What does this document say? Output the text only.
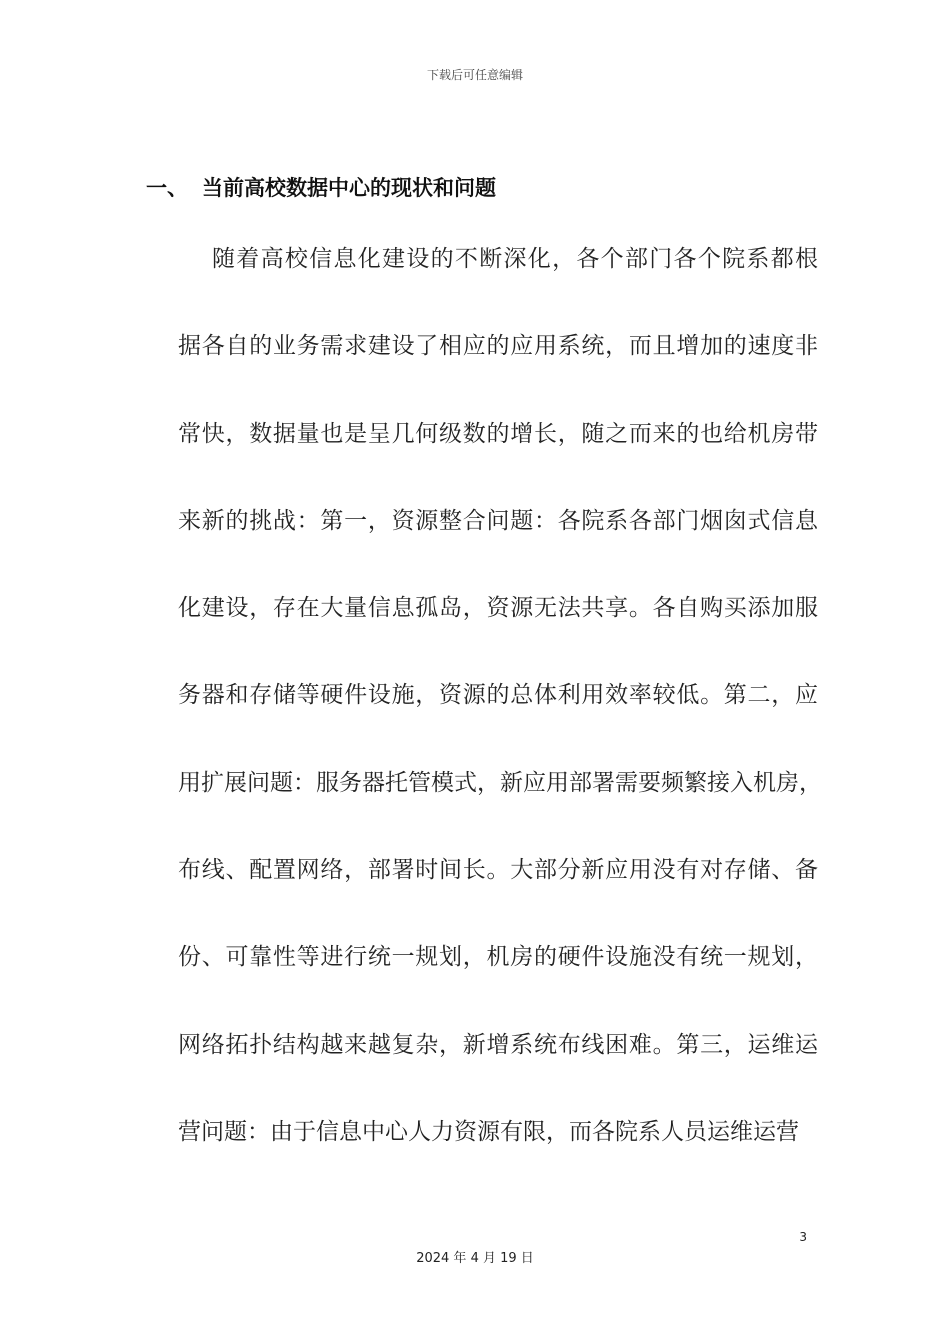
下载后可任意编辑
一、 当前高校数据中心的现状和问题
随着高校信息化建设的不断深化，各个部门各个院系都根
据各自的业务需求建设了相应的应用系统，而且增加的速度非
常快，数据量也是呈几何级数的增长，随之而来的也给机房带
来新的挑战：第一，资源整合问题：各院系各部门烟囱式信息
化建设，存在大量信息孤岛，资源无法共享。各自购买添加服
务器和存储等硬件设施，资源的总体利用效率较低。第二，应
用扩展问题：服务器托管模式，新应用部署需要频繁接入机房，
布线、配置网络，部署时间长。大部分新应用没有对存储、备
份、可靠性等进行统一规划，机房的硬件设施没有统一规划，
网络拓扑结构越来越复杂，新增系统布线困难。第三，运维运
营问题：由于信息中心人力资源有限，而各院系人员运维运营
3
2024 年 4 月 19 日
